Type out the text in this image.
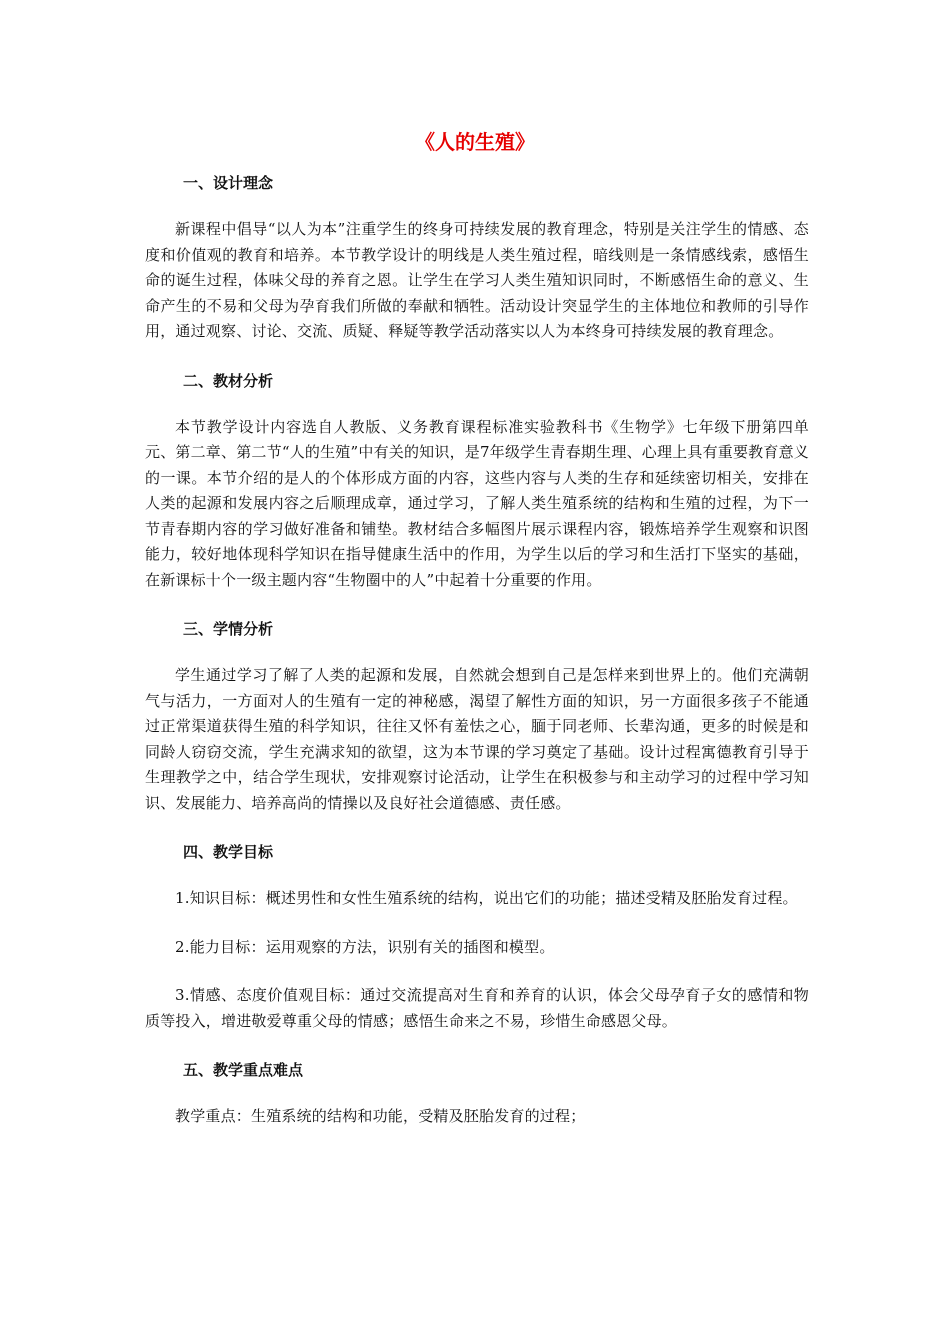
《人的生殖》
一、设计理念

新课程中倡导“以人为本”注重学生的终身可持续发展的教育理念，特别是关注学生的情感、态度和价值观的教育和培养。本节教学设计的明线是人类生殖过程，暗线则是一条情感线索，感悟生命的诞生过程，体味父母的养育之恩。让学生在学习人类生殖知识同时，不断感悟生命的意义、生命产生的不易和父母为孕育我们所做的奉献和牺牲。活动设计突显学生的主体地位和教师的引导作用，通过观察、讨论、交流、质疑、释疑等教学活动落实以人为本终身可持续发展的教育理念。

二、教材分析

本节教学设计内容选自人教版、义务教育课程标准实验教科书《生物学》七年级下册第四单元、第二章、第二节“人的生殖”中有关的知识，是7年级学生青春期生理、心理上具有重要教育意义的一课。本节介绍的是人的个体形成方面的内容，这些内容与人类的生存和延续密切相关，安排在人类的起源和发展内容之后顺理成章，通过学习，了解人类生殖系统的结构和生殖的过程，为下一节青春期内容的学习做好准备和铺垫。教材结合多幅图片展示课程内容，锻炼培养学生观察和识图能力，较好地体现科学知识在指导健康生活中的作用，为学生以后的学习和生活打下坚实的基础，在新课标十个一级主题内容“生物圈中的人”中起着十分重要的作用。

三、学情分析

学生通过学习了解了人类的起源和发展，自然就会想到自己是怎样来到世界上的。他们充满朝气与活力，一方面对人的生殖有一定的神秘感，渴望了解性方面的知识，另一方面很多孩子不能通过正常渠道获得生殖的科学知识，往往又怀有羞怯之心，腼于同老师、长辈沟通，更多的时候是和同龄人窃窃交流，学生充满求知的欲望，这为本节课的学习奠定了基础。设计过程寓德教育引导于生理教学之中，结合学生现状，安排观察讨论活动，让学生在积极参与和主动学习的过程中学习知识、发展能力、培养高尚的情操以及良好社会道德感、责任感。

四、教学目标

1.知识目标：概述男性和女性生殖系统的结构，说出它们的功能；描述受精及胚胎发育过程。

2.能力目标：运用观察的方法，识别有关的插图和模型。

3.情感、态度价值观目标：通过交流提高对生育和养育的认识，体会父母孕育子女的感情和物质等投入，增进敬爱尊重父母的情感；感悟生命来之不易，珍惜生命感恩父母。

五、教学重点难点

教学重点：生殖系统的结构和功能，受精及胚胎发育的过程；
